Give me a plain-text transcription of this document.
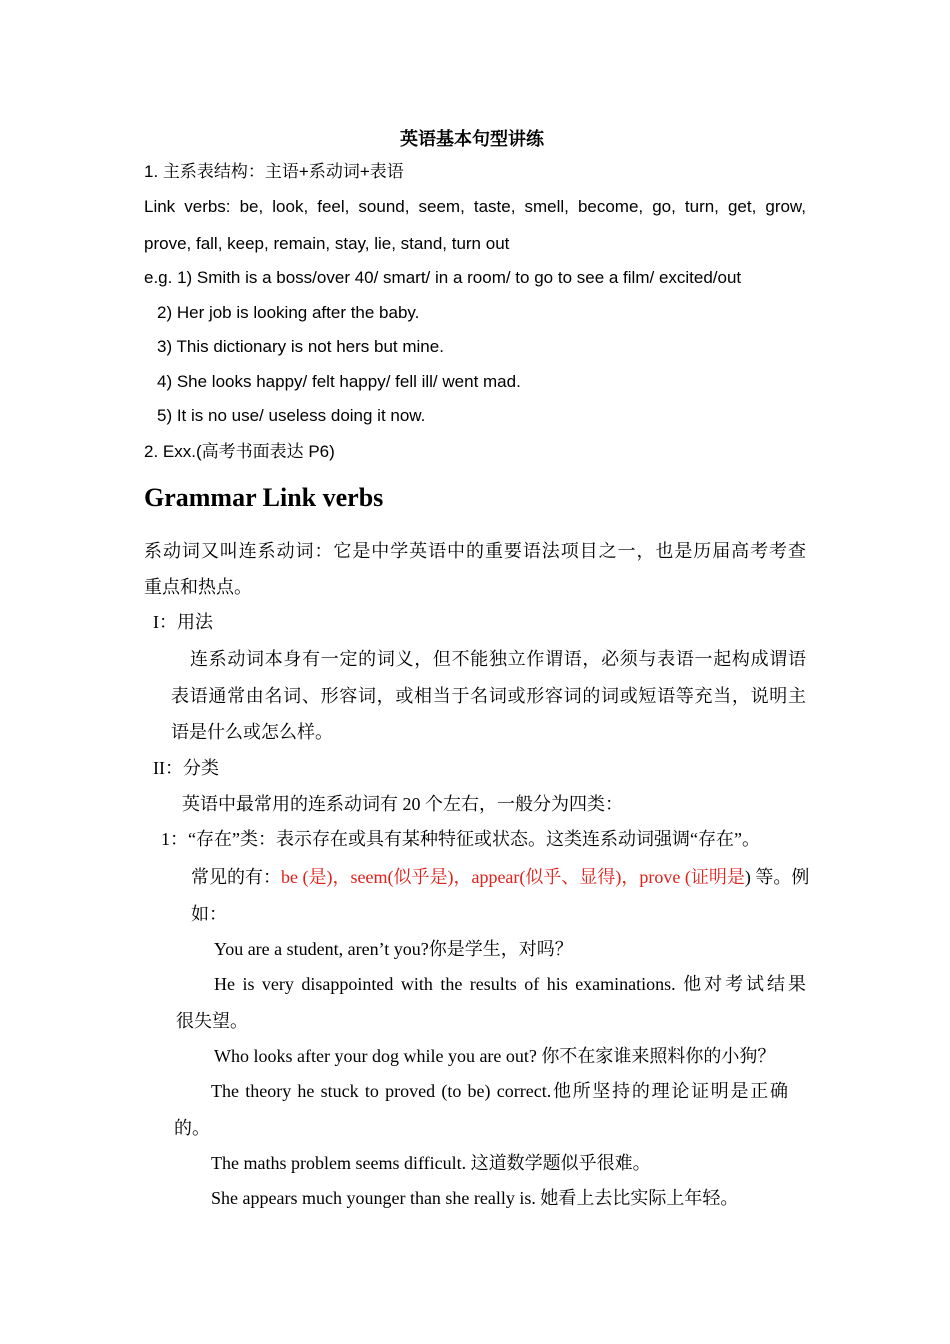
英语基本句型讲练
1. 主系表结构：主语+系动词+表语
Link verbs: be, look, feel, sound, seem, taste, smell, become, go, turn, get, grow,
prove, fall, keep, remain, stay, lie, stand, turn out
e.g. 1) Smith is a boss/over 40/ smart/ in a room/ to go to see a film/ excited/out
2) Her job is looking after the baby.
3) This dictionary is not hers but mine.
4) She looks happy/ felt happy/ fell ill/ went mad.
5) It is no use/ useless doing it now.
2. Exx.(高考书面表达 P6)
Grammar Link verbs
系动词又叫连系动词：它是中学英语中的重要语法项目之一，也是历届高考考查
重点和热点。
I：用法
连系动词本身有一定的词义，但不能独立作谓语，必须与表语一起构成谓语
表语通常由名词、形容词，或相当于名词或形容词的词或短语等充当，说明主
语是什么或怎么样。
II：分类
英语中最常用的连系动词有 20 个左右，一般分为四类：
1：“存在”类：表示存在或具有某种特征或状态。这类连系动词强调“存在”。
常见的有：be (是)，seem(似乎是)，appear(似乎、显得)，prove (证明是) 等。例
如：
You are a student, aren’t you?你是学生，对吗？
He is very disappointed with the results of his examinations. 他对考试结果
很失望。
Who looks after your dog while you are out? 你不在家谁来照料你的小狗？
The theory he stuck to proved (to be) correct.他所坚持的理论证明是正确
的。
The maths problem seems difficult. 这道数学题似乎很难。
She appears much younger than she really is. 她看上去比实际上年轻。
